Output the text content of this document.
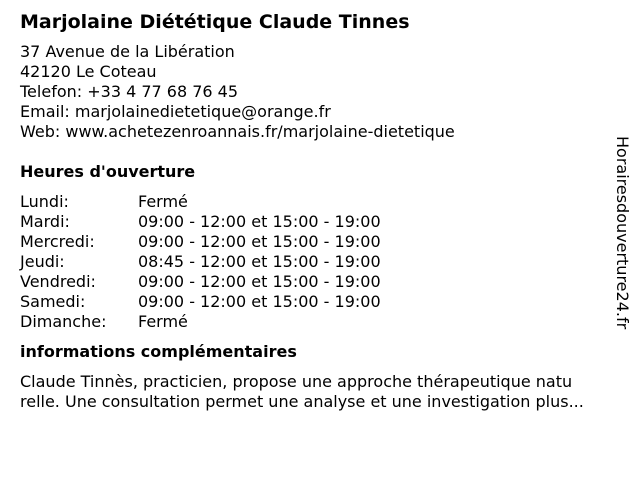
Marjolaine Diététique Claude Tinnes
37 Avenue de la Libération
42120 Le Coteau
Telefon: +33 4 77 68 76 45
Email: marjolainedietetique@orange.fr
Web: www.achetezenroannais.fr/marjolaine-dietetique
Heures d'ouverture
Lundi:	Fermé
Mardi:	09:00 - 12:00 et 15:00 - 19:00
Mercredi:	09:00 - 12:00 et 15:00 - 19:00
Jeudi:	08:45 - 12:00 et 15:00 - 19:00
Vendredi:	09:00 - 12:00 et 15:00 - 19:00
Samedi:	09:00 - 12:00 et 15:00 - 19:00
Dimanche:	Fermé
informations complémentaires
Claude Tinnès, practicien, propose une approche thérapeutique natu
relle. Une consultation permet une analyse et une investigation plus...
Horairesdouverture24.fr
